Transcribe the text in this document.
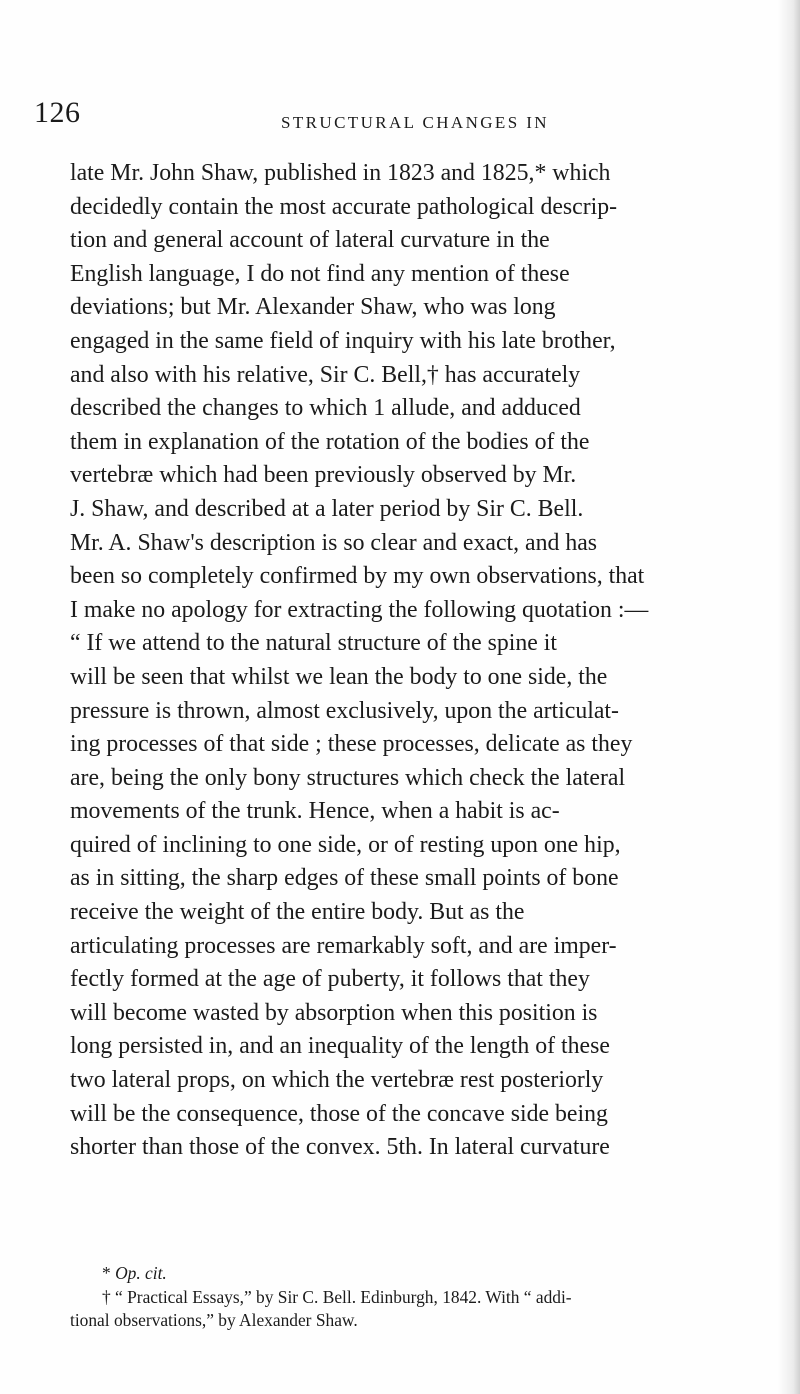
126	STRUCTURAL CHANGES IN
late Mr. John Shaw, published in 1823 and 1825,* which
decidedly contain the most accurate pathological descrip-
tion and general account of lateral curvature in the
English language, I do not find any mention of these
deviations; but Mr. Alexander Shaw, who was long
engaged in the same field of inquiry with his late brother,
and also with his relative, Sir C. Bell,† has accurately
described the changes to which 1 allude, and adduced
them in explanation of the rotation of the bodies of the
vertebræ which had been previously observed by Mr.
J. Shaw, and described at a later period by Sir C. Bell.
Mr. A. Shaw's description is so clear and exact, and has
been so completely confirmed by my own observations, that
I make no apology for extracting the following quotation :—
“ If we attend to the natural structure of the spine it
will be seen that whilst we lean the body to one side, the
pressure is thrown, almost exclusively, upon the articulat-
ing processes of that side ; these processes, delicate as they
are, being the only bony structures which check the lateral
movements of the trunk. Hence, when a habit is ac-
quired of inclining to one side, or of resting upon one hip,
as in sitting, the sharp edges of these small points of bone
receive the weight of the entire body. But as the
articulating processes are remarkably soft, and are imper-
fectly formed at the age of puberty, it follows that they
will become wasted by absorption when this position is
long persisted in, and an inequality of the length of these
two lateral props, on which the vertebræ rest posteriorly
will be the consequence, those of the concave side being
shorter than those of the convex. 5th. In lateral curvature
* Op. cit.
† “ Practical Essays,” by Sir C. Bell. Edinburgh, 1842. With “ addi-
tional observations,” by Alexander Shaw.
